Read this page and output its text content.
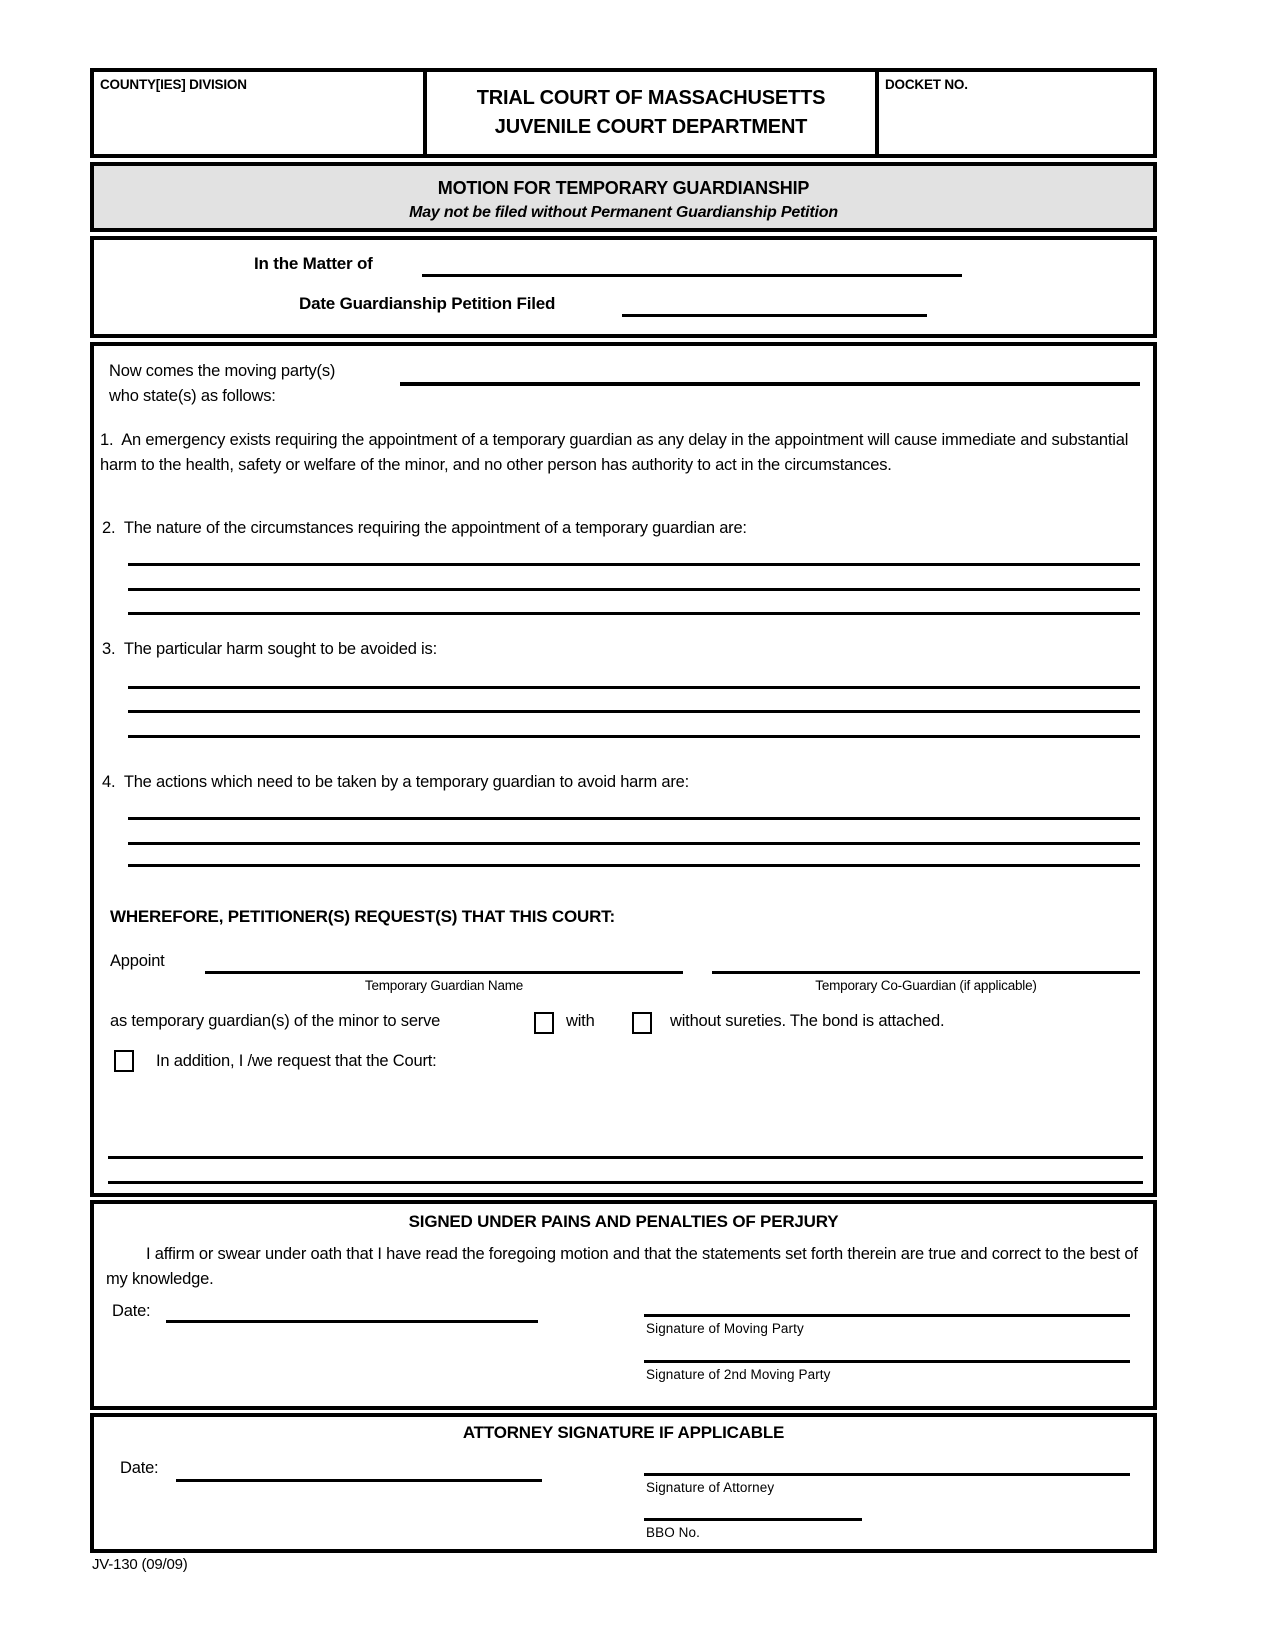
COUNTY[IES] DIVISION
TRIAL COURT OF MASSACHUSETTS
JUVENILE COURT DEPARTMENT
DOCKET NO.
MOTION FOR TEMPORARY GUARDIANSHIP
May not be filed without Permanent Guardianship Petition
In the Matter of
Date Guardianship Petition Filed
Now comes the moving party(s)
who state(s) as follows:
1.  An emergency exists requiring the appointment of a temporary guardian as any delay in the appointment will cause immediate and substantial harm to the health, safety or welfare of the minor, and no other person has authority to act in the circumstances.
2.  The nature of the circumstances requiring the appointment of a temporary guardian are:
3.  The particular harm sought to be avoided is:
4.  The actions which need to be taken by a temporary guardian to avoid harm are:
WHEREFORE, PETITIONER(S) REQUEST(S) THAT THIS COURT:
Appoint
Temporary Guardian Name	Temporary Co-Guardian (if applicable)
as temporary guardian(s) of the minor to serve	with	without sureties. The bond is attached.
In addition, I /we request that the Court:
SIGNED UNDER PAINS AND PENALTIES OF PERJURY
I affirm or swear under oath that I have read the foregoing motion and that the statements set forth therein are true and correct to the best of my knowledge.
Date:
Signature of Moving Party
Signature of 2nd Moving Party
ATTORNEY SIGNATURE IF APPLICABLE
Date:
Signature of Attorney
BBO No.
JV-130 (09/09)
